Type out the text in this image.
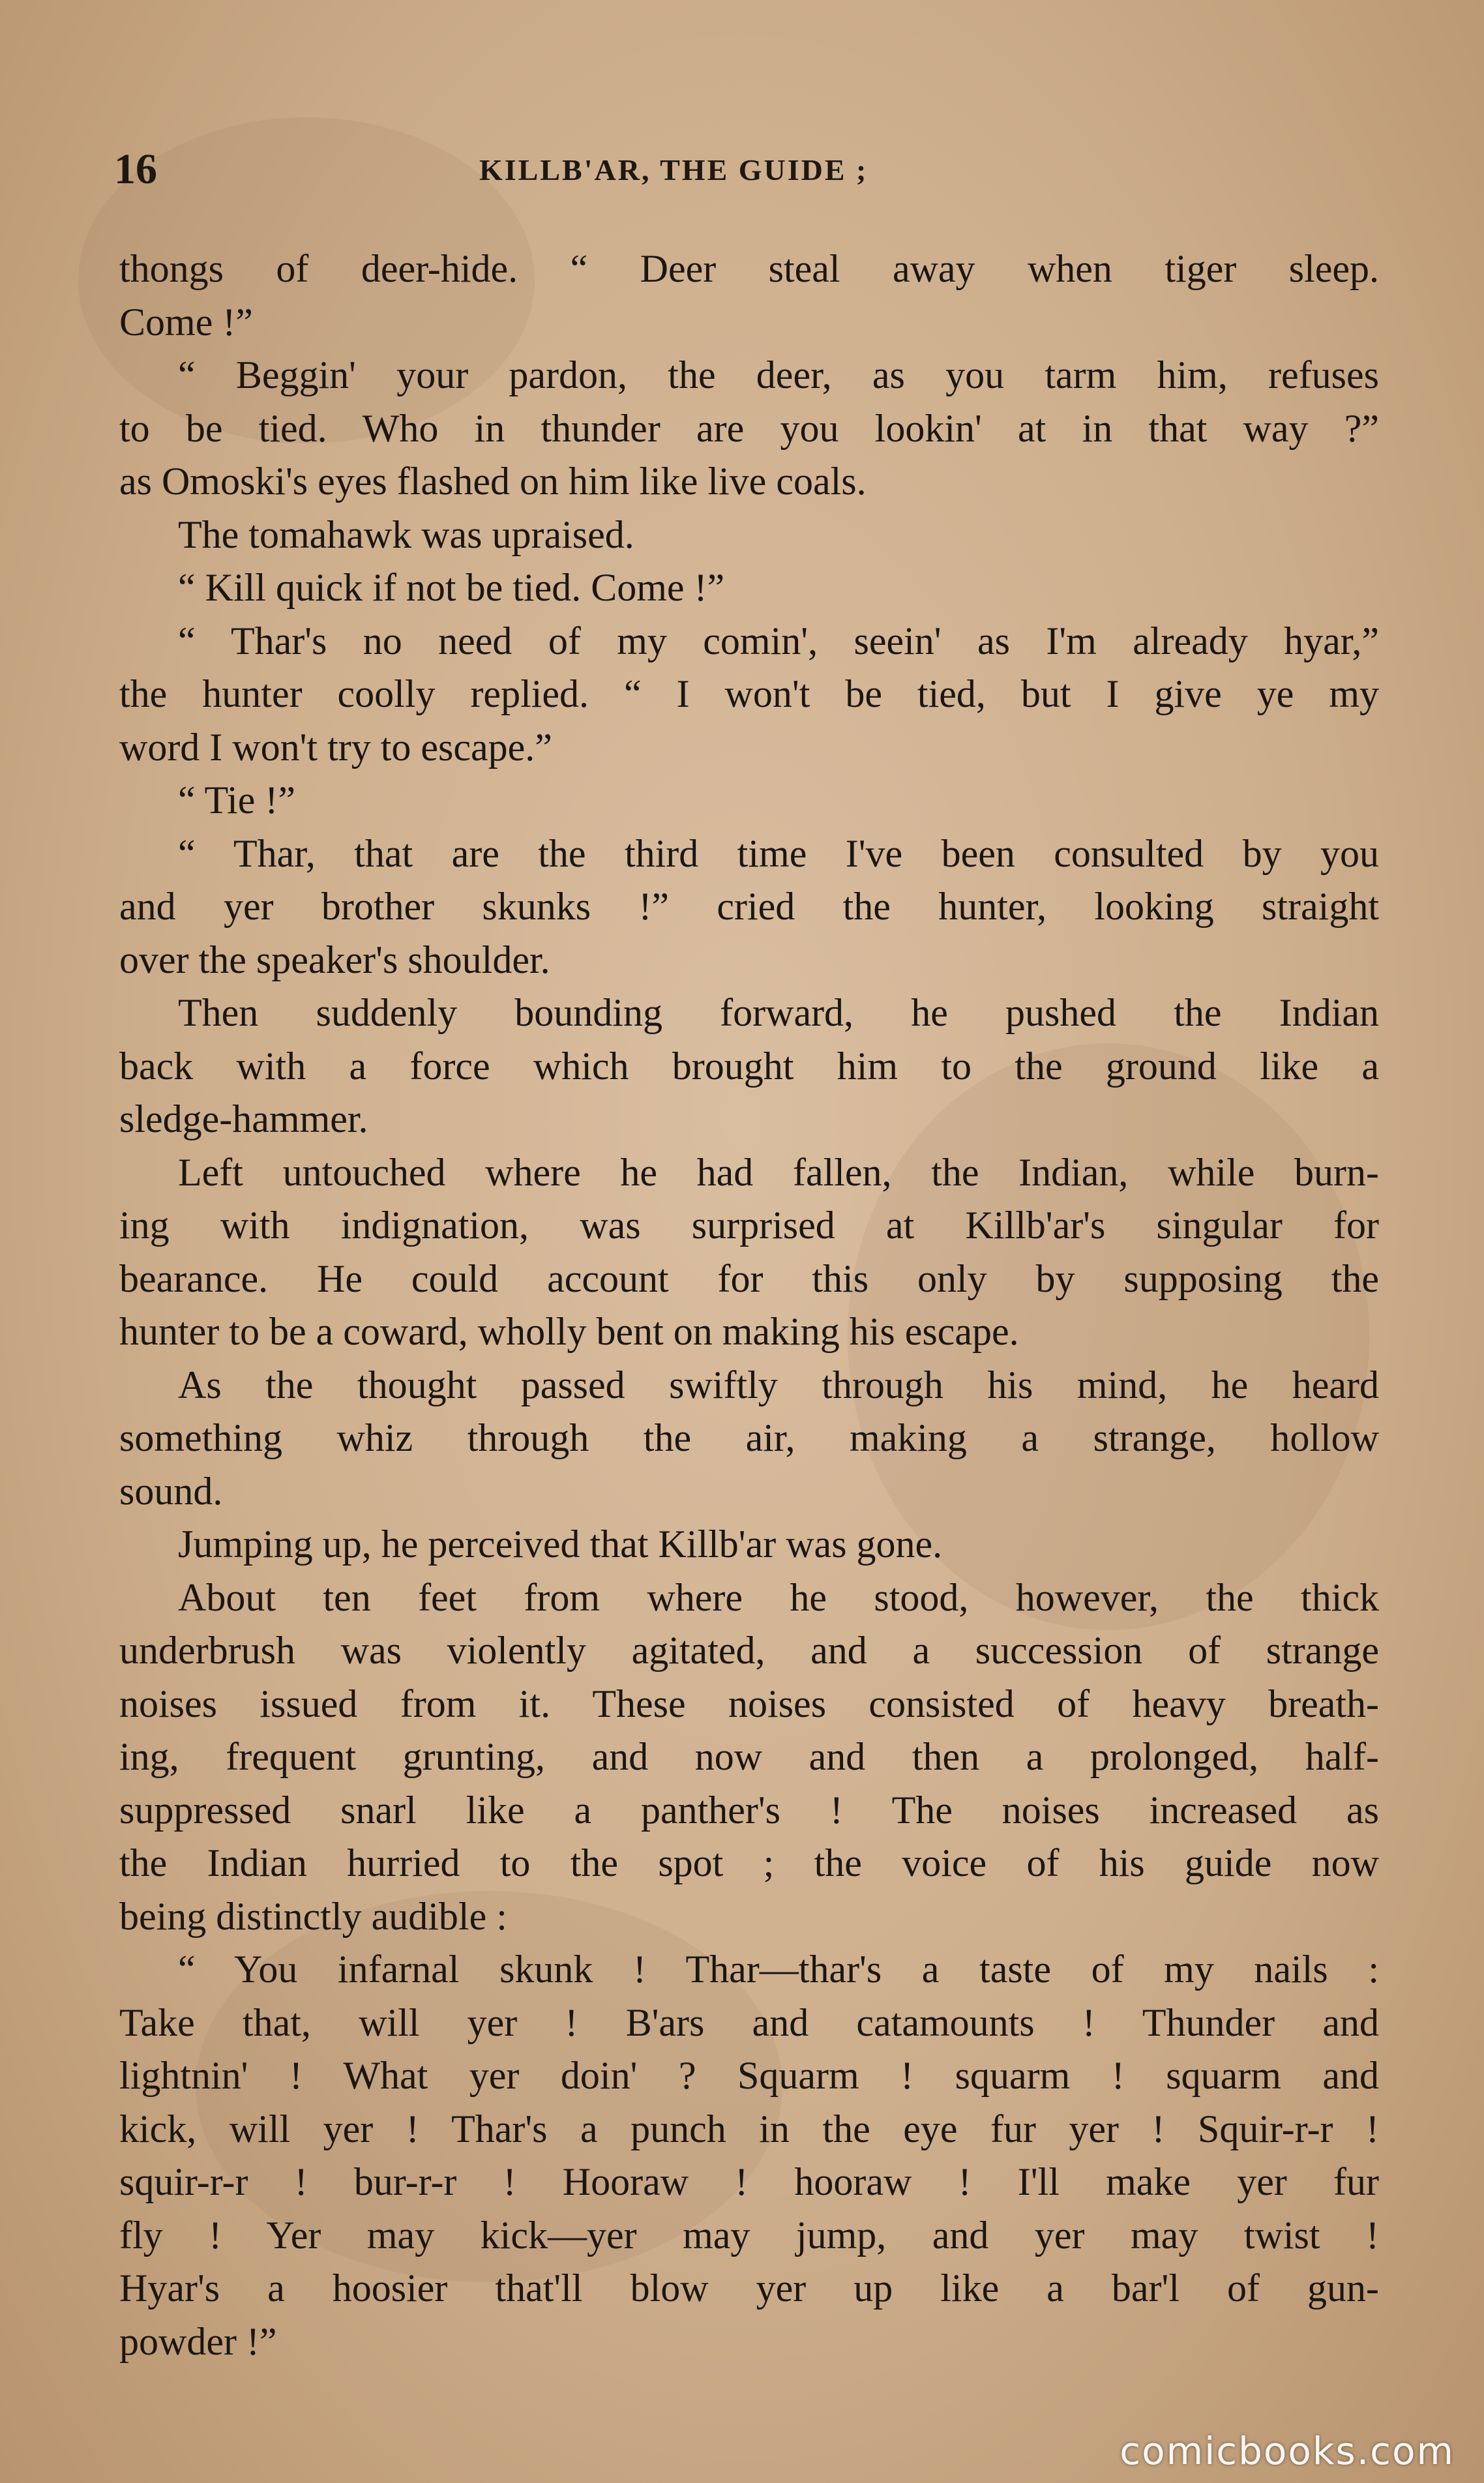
16	KILLB'AR, THE GUIDE ;
thongs of deer-hide. “ Deer steal away when tiger sleep.
Come !”
“ Beggin' your pardon, the deer, as you tarm him, refuses
to be tied. Who in thunder are you lookin' at in that way ?”
as Omoski's eyes flashed on him like live coals.
The tomahawk was upraised.
“ Kill quick if not be tied. Come !”
“ Thar's no need of my comin', seein' as I'm already hyar,”
the hunter coolly replied. “ I won't be tied, but I give ye my
word I won't try to escape.”
“ Tie !”
“ Thar, that are the third time I've been consulted by you
and yer brother skunks !” cried the hunter, looking straight
over the speaker's shoulder.
Then suddenly bounding forward, he pushed the Indian
back with a force which brought him to the ground like a
sledge-hammer.
Left untouched where he had fallen, the Indian, while burn-
ing with indignation, was surprised at Killb'ar's singular for
bearance. He could account for this only by supposing the
hunter to be a coward, wholly bent on making his escape.
As the thought passed swiftly through his mind, he heard
something whiz through the air, making a strange, hollow
sound.
Jumping up, he perceived that Killb'ar was gone.
About ten feet from where he stood, however, the thick
underbrush was violently agitated, and a succession of strange
noises issued from it. These noises consisted of heavy breath-
ing, frequent grunting, and now and then a prolonged, half-
suppressed snarl like a panther's ! The noises increased as
the Indian hurried to the spot ; the voice of his guide now
being distinctly audible :
“ You infarnal skunk ! Thar—thar's a taste of my nails :
Take that, will yer ! B'ars and catamounts ! Thunder and
lightnin' ! What yer doin' ? Squarm ! squarm ! squarm and
kick, will yer ! Thar's a punch in the eye fur yer ! Squir-r-r !
squir-r-r ! bur-r-r ! Hooraw ! hooraw ! I'll make yer fur
fly ! Yer may kick—yer may jump, and yer may twist !
Hyar's a hoosier that'll blow yer up like a bar'l of gun-
powder !”
comicbooks.com
